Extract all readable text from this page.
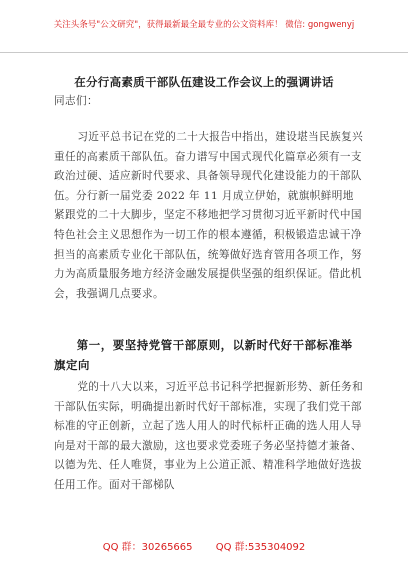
关注头条号"公文研究"，获得最新最全最专业的公文资料库！ 微信: gongwenyj
在分行高素质干部队伍建设工作会议上的强调讲话
同志们：
习近平总书记在党的二十大报告中指出，建设堪当民族复兴重任的高素质干部队伍。奋力谱写中国式现代化篇章必须有一支政治过硬、适应新时代要求、具备领导现代化建设能力的干部队伍。分行新一届党委 2022 年 11 月成立伊始，就旗帜鲜明地紧跟党的二十大脚步，坚定不移地把学习贯彻习近平新时代中国特色社会主义思想作为一切工作的根本遵循，积极锻造忠诚干净担当的高素质专业化干部队伍，统筹做好选育管用各项工作，努力为高质量服务地方经济金融发展提供坚强的组织保证。借此机会，我强调几点要求。
第一，要坚持党管干部原则，以新时代好干部标准举旗定向
党的十八大以来，习近平总书记科学把握新形势、新任务和干部队伍实际，明确提出新时代好干部标准，实现了我们党干部标准的守正创新，立起了选人用人的时代标杆正确的选人用人导向是对干部的最大激励，这也要求党委班子务必坚持德才兼备、以德为先、任人唯贤，事业为上公道正派、精准科学地做好选拔任用工作。面对干部梯队
QQ 群：30265665 QQ 群:535304092
